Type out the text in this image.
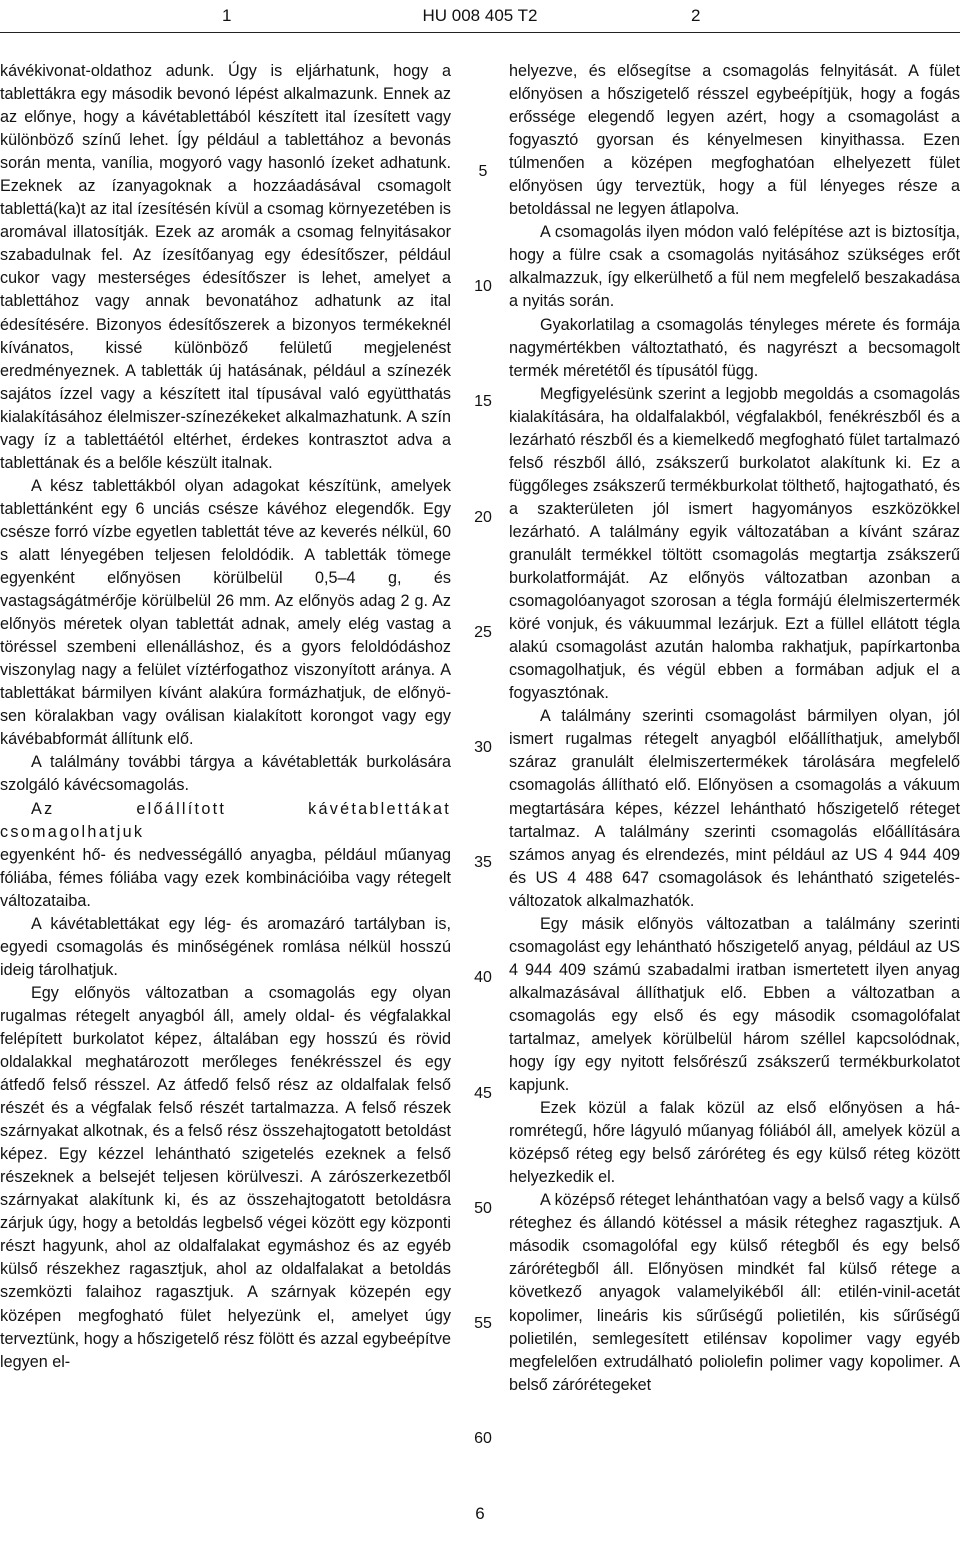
1	HU 008 405 T2	2

kávékivonat-oldathoz adunk. Úgy is eljárhatunk, hogy a tablettákra egy második bevonó lépést alkalmazunk. Ennek az az előnye, hogy a kávétablettából készített ital ízesített vagy különböző színű lehet. Így például a tablettához a bevonás során menta, vanília, mogyoró vagy hasonló ízeket adhatunk. Ezeknek az ízanyagoknak a hozzáadásával csomagolt tablettá(ka)t az ital ízesítésén kívül a csomag környezetében is aromával illatosítják. Ezek az aromák a csomag felnyitásakor szabadulnak fel. Az ízesítőanyag egy édesítőszer, például cukor vagy mesterséges édesítőszer is lehet, amelyet a tablettához vagy annak bevonatához adhatunk az ital édesítésére. Bizonyos édesítőszerek a bizonyos termékeknél kívánatos, kissé különböző felületű megjelenést eredményeznek. A tabletták új hatásának, például a színezék sajátos ízzel vagy a készített ital típusával való együtthatás kialakításához élelmiszer-színezékeket alkalmazhatunk. A szín vagy íz a tablettáétól eltérhet, érdekes kontrasztot adva a tablettának és a belőle készült italnak.

A kész tablettákból olyan adagokat készítünk, amelyek tablettánként egy 6 unciás csésze kávéhoz elegendők. Egy csésze forró vízbe egyetlen tablettát téve az keverés nélkül, 60 s alatt lényegében teljesen feloldódik. A tabletták tömege egyenként előnyösen körülbelül 0,5–4 g, és vastagságátmérője körülbelül 26 mm. Az előnyös adag 2 g. Az előnyös méretek olyan tablettát adnak, amely elég vastag a töréssel szembeni ellenálláshoz, és a gyors feloldódáshoz viszonylag nagy a felület víztérfogathoz viszonyított aránya. A tablettákat bármilyen kívánt alakúra formázhatjuk, de előnyösen köralakban vagy oválisan kialakított korongot vagy egy kávébabformát állítunk elő.

A találmány további tárgya a kávétabletták burkolására szolgáló kávécsomagolás.

Az előállított kávétablettákat csomagolhatjuk

egyenként hő- és nedvességálló anyagba, például műanyag fóliába, fémes fóliába vagy ezek kombinációiba vagy rétegelt változataiba.

A kávétablettákat egy lég- és aromazáró tartályban is, egyedi csomagolás és minőségének romlása nélkül hosszú ideig tárolhatjuk.

Egy előnyös változatban a csomagolás egy olyan rugalmas rétegelt anyagból áll, amely oldal- és végfalakkal felépített burkolatot képez, általában egy hosszú és rövid oldalakkal meghatározott merőleges fenékrésszel és egy átfedő felső résszel. Az átfedő felső rész az oldalfalak felső részét és a végfalak felső részét tartalmazza. A felső részek szárnyakat alkotnak, és a felső rész összehajtogatott betoldást képez. Egy kézzel lehántható szigetelés ezeknek a felső részeknek a belsejét teljesen körülveszi. A zárószerkezetből szárnyakat alakítunk ki, és az összehajtogatott betoldásra zárjuk úgy, hogy a betoldás legbelső végei között egy központi részt hagyunk, ahol az oldalfalakat egymáshoz és az egyéb külső részekhez ragasztjuk, ahol az oldalfalakat a betoldás szemközti falaihoz ragasztjuk. A szárnyak közepén egy középen megfogható fület helyezünk el, amelyet úgy terveztünk, hogy a hőszigetelő rész fölött és azzal egybeépítve legyen el-

helyezve, és elősegítse a csomagolás felnyitását. A fület előnyösen a hőszigetelő résszel egybeépítjük, hogy a fogás erőssége elegendő legyen azért, hogy a csomagolást a fogyasztó gyorsan és kényelmesen kinyithassa. Ezen túlmenően a középen megfoghatóan elhelyezett fület előnyösen úgy terveztük, hogy a fül lényeges része a betoldással ne legyen átlapolva.

A csomagolás ilyen módon való felépítése azt is biztosítja, hogy a fülre csak a csomagolás nyitásához szükséges erőt alkalmazzuk, így elkerülhető a fül nem megfelelő beszakadása a nyitás során.

Gyakorlatilag a csomagolás tényleges mérete és formája nagymértékben változtatható, és nagyrészt a becsomagolt termék méretétől és típusától függ.

Megfigyelésünk szerint a legjobb megoldás a csomagolás kialakítására, ha oldalfalakból, végfalakból, fenékrészből és a lezárható részből és a kiemelkedő megfogható fület tartalmazó felső részből álló, zsákszerű burkolatot alakítunk ki. Ez a függőleges zsákszerű termékburkolat tölthető, hajtogatható, és a szakterületen jól ismert hagyományos eszközökkel lezárható. A találmány egyik változatában a kívánt száraz granulált termékkel töltött csomagolás megtartja zsákszerű burkolatformáját. Az előnyös változatban azonban a csomagolóanyagot szorosan a tégla formájú élelmiszertermék köré vonjuk, és vákuummal lezárjuk. Ezt a füllel ellátott tégla alakú csomagolást azután halomba rakhatjuk, papírkartonba csomagolhatjuk, és végül ebben a formában adjuk el a fogyasztónak.

A találmány szerinti csomagolást bármilyen olyan, jól ismert rugalmas rétegelt anyagból előállíthatjuk, amelyből száraz granulált élelmiszertermékek tárolására megfelelő csomagolás állítható elő. Előnyösen a csomagolás a vákuum megtartására képes, kézzel lehántható hőszigetelő réteget tartalmaz. A találmány szerinti csomagolás előállítására számos anyag és elrendezés, mint például az US 4 944 409 és US 4 488 647 csomagolások és lehántható szigetelésváltozatok alkalmazhatók.

Egy másik előnyös változatban a találmány szerinti csomagolást egy lehántható hőszigetelő anyag, például az US 4 944 409 számú szabadalmi iratban ismertetett ilyen anyag alkalmazásával állíthatjuk elő. Ebben a változatban a csomagolás egy első és egy második csomagolófalat tartalmaz, amelyek körülbelül három széllel kapcsolódnak, hogy így egy nyitott felsőrészű zsákszerű termékburkolatot kapjunk.

Ezek közül a falak közül az első előnyösen a háromrétegű, hőre lágyuló műanyag fóliából áll, amelyek közül a középső réteg egy belső záróréteg és egy külső réteg között helyezkedik el.

A középső réteget lehánthatóan vagy a belső vagy a külső réteghez és állandó kötéssel a másik réteghez ragasztjuk. A második csomagolófal egy külső rétegből és egy belső zárórétegből áll. Előnyösen mindkét fal külső rétege a következő anyagok valamelyikéből áll: etilén-vinil-acetát kopolimer, lineáris kis sűrűségű polietilén, kis sűrűségű polietilén, semlegesített etilénsav kopolimer vagy egyéb megfelelően extrudálható poliolefin polimer vagy kopolimer. A belső zárórétegeket

5
10
15
20
25
30
35
40
45
50
55
60
6
